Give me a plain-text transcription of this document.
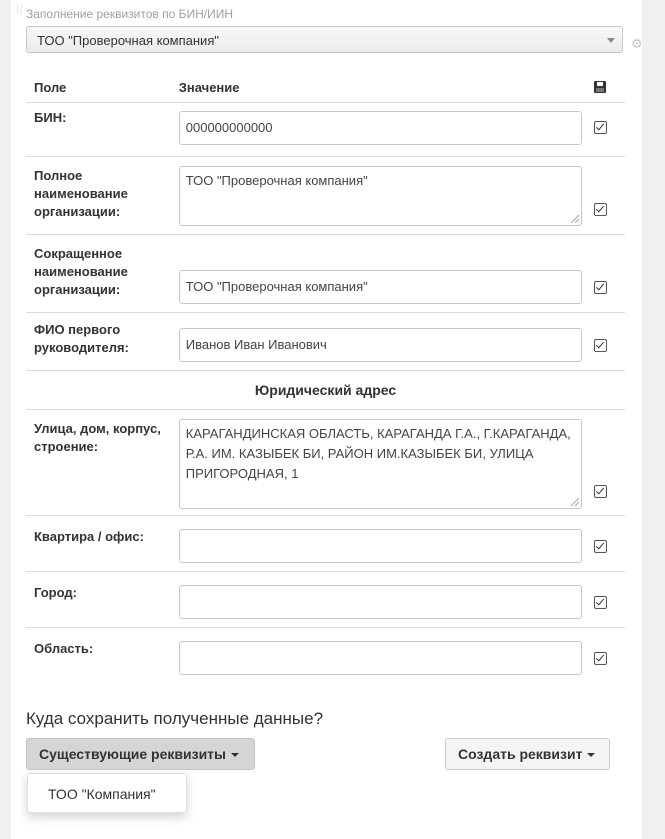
⁞⁞ Заполнение реквизитов по БИН/ИИН
ТОО "Проверочная компания"	⚙
Поле	Значение	

БИН:	000000000000	

Полное наименование организации:	ТОО "Проверочная компания"	

Сокращенное наименование организации:	ТОО "Проверочная компания"	

ФИО первого руководителя:	Иванов Иван Иванович	

Юридический адрес		

Улица, дом, корпус, строение:	КАРАГАНДИНСКАЯ ОБЛАСТЬ, КАРАГАНДА Г.А., Г.КАРАГАНДА, Р.А. ИМ. КАЗЫБЕК БИ, РАЙОН ИМ.КАЗЫБЕК БИ, УЛИЦА ПРИГОРОДНАЯ, 1	

Квартира / офис:		

Город:		

Область:		

Куда сохранить полученные данные?
Существующие реквизиты	Создать реквизит
ТОО "Компания"
